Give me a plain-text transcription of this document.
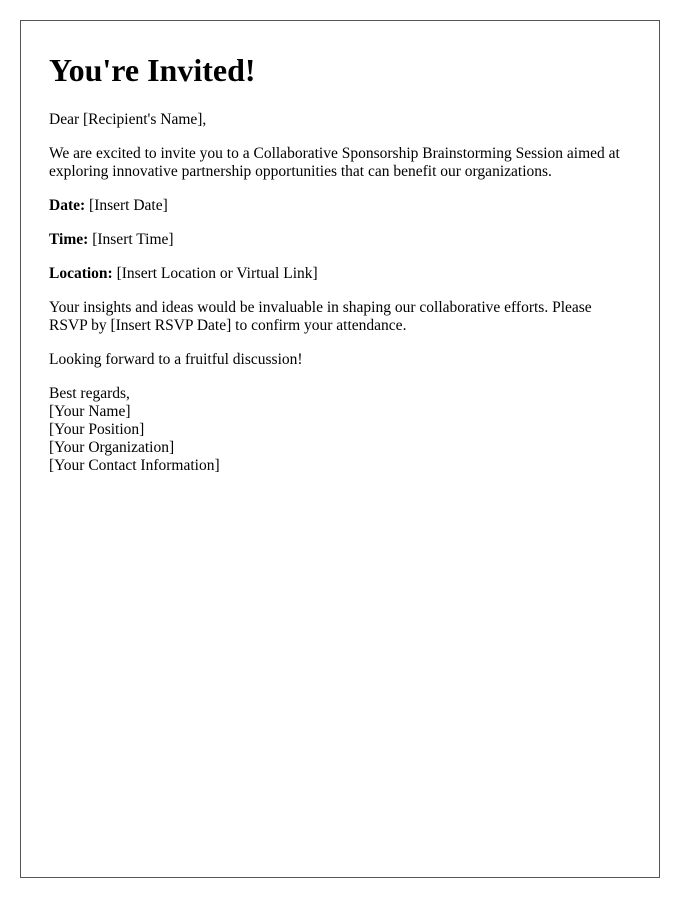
You're Invited!

Dear [Recipient's Name],

We are excited to invite you to a Collaborative Sponsorship Brainstorming Session aimed at exploring innovative partnership opportunities that can benefit our organizations.

Date: [Insert Date]

Time: [Insert Time]

Location: [Insert Location or Virtual Link]

Your insights and ideas would be invaluable in shaping our collaborative efforts. Please RSVP by [Insert RSVP Date] to confirm your attendance.

Looking forward to a fruitful discussion!

Best regards,
[Your Name]
[Your Position]
[Your Organization]
[Your Contact Information]
